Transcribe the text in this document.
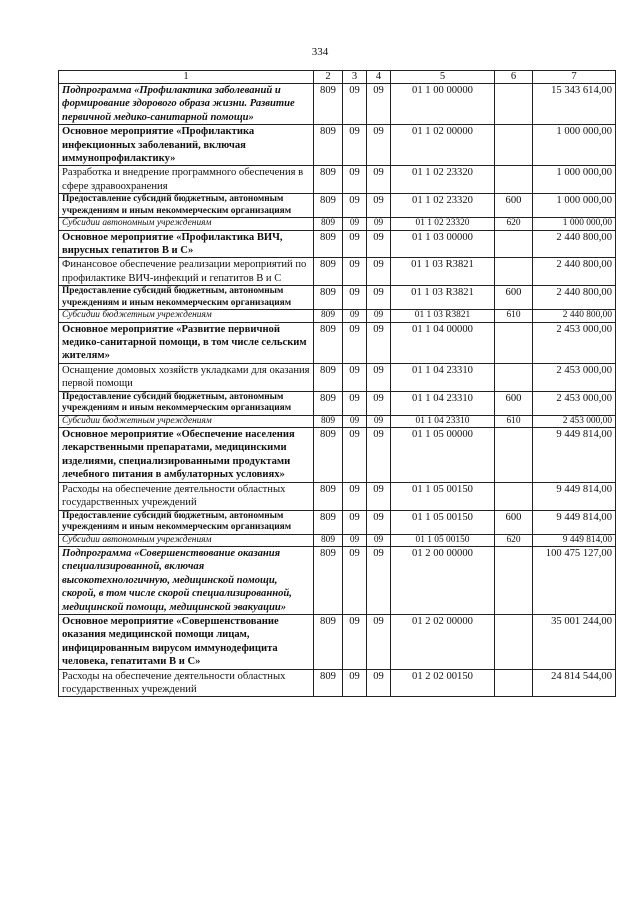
334
1	2	3	4	5	6	7
Подпрограмма «Профилактика заболеваний и формирование здорового образа жизни. Развитие первичной медико-санитарной помощи»	809	09	09	01 1 00 00000		15 343 614,00
Основное мероприятие «Профилактика инфекционных заболеваний, включая иммунопрофилактику»	809	09	09	01 1 02 00000		1 000 000,00
Разработка и внедрение программного обеспечения в сфере здравоохранения	809	09	09	01 1 02 23320		1 000 000,00
Предоставление субсидий бюджетным, автономным учреждениям и иным некоммерческим организациям	809	09	09	01 1 02 23320	600	1 000 000,00
Субсидии автономным учреждениям	809	09	09	01 1 02 23320	620	1 000 000,00
Основное мероприятие «Профилактика ВИЧ, вирусных гепатитов В и С»	809	09	09	01 1 03 00000		2 440 800,00
Финансовое обеспечение реализации мероприятий по профилактике ВИЧ-инфекций и гепатитов В и С	809	09	09	01 1 03 R3821		2 440 800,00
Предоставление субсидий бюджетным, автономным учреждениям и иным некоммерческим организациям	809	09	09	01 1 03 R3821	600	2 440 800,00
Субсидии бюджетным учреждениям	809	09	09	01 1 03 R3821	610	2 440 800,00
Основное мероприятие «Развитие первичной медико-санитарной помощи, в том числе сельским жителям»	809	09	09	01 1 04 00000		2 453 000,00
Оснащение домовых хозяйств укладками для оказания первой помощи	809	09	09	01 1 04 23310		2 453 000,00
Предоставление субсидий бюджетным, автономным учреждениям и иным некоммерческим организациям	809	09	09	01 1 04 23310	600	2 453 000,00
Субсидии бюджетным учреждениям	809	09	09	01 1 04 23310	610	2 453 000,00
Основное мероприятие «Обеспечение населения лекарственными препаратами, медицинскими изделиями, специализированными продуктами лечебного питания в амбулаторных условиях»	809	09	09	01 1 05 00000		9 449 814,00
Расходы на обеспечение деятельности областных государственных учреждений	809	09	09	01 1 05 00150		9 449 814,00
Предоставление субсидий бюджетным, автономным учреждениям и иным некоммерческим организациям	809	09	09	01 1 05 00150	600	9 449 814,00
Субсидии автономным учреждениям	809	09	09	01 1 05 00150	620	9 449 814,00
Подпрограмма «Совершенствование оказания специализированной, включая высокотехнологичную, медицинской помощи, скорой, в том числе скорой специализированной, медицинской помощи, медицинской эвакуации»	809	09	09	01 2 00 00000		100 475 127,00
Основное мероприятие «Совершенствование оказания медицинской помощи лицам, инфицированным вирусом иммунодефицита человека, гепатитами В и С»	809	09	09	01 2 02 00000		35 001 244,00
Расходы на обеспечение деятельности областных государственных учреждений	809	09	09	01 2 02 00150		24 814 544,00
